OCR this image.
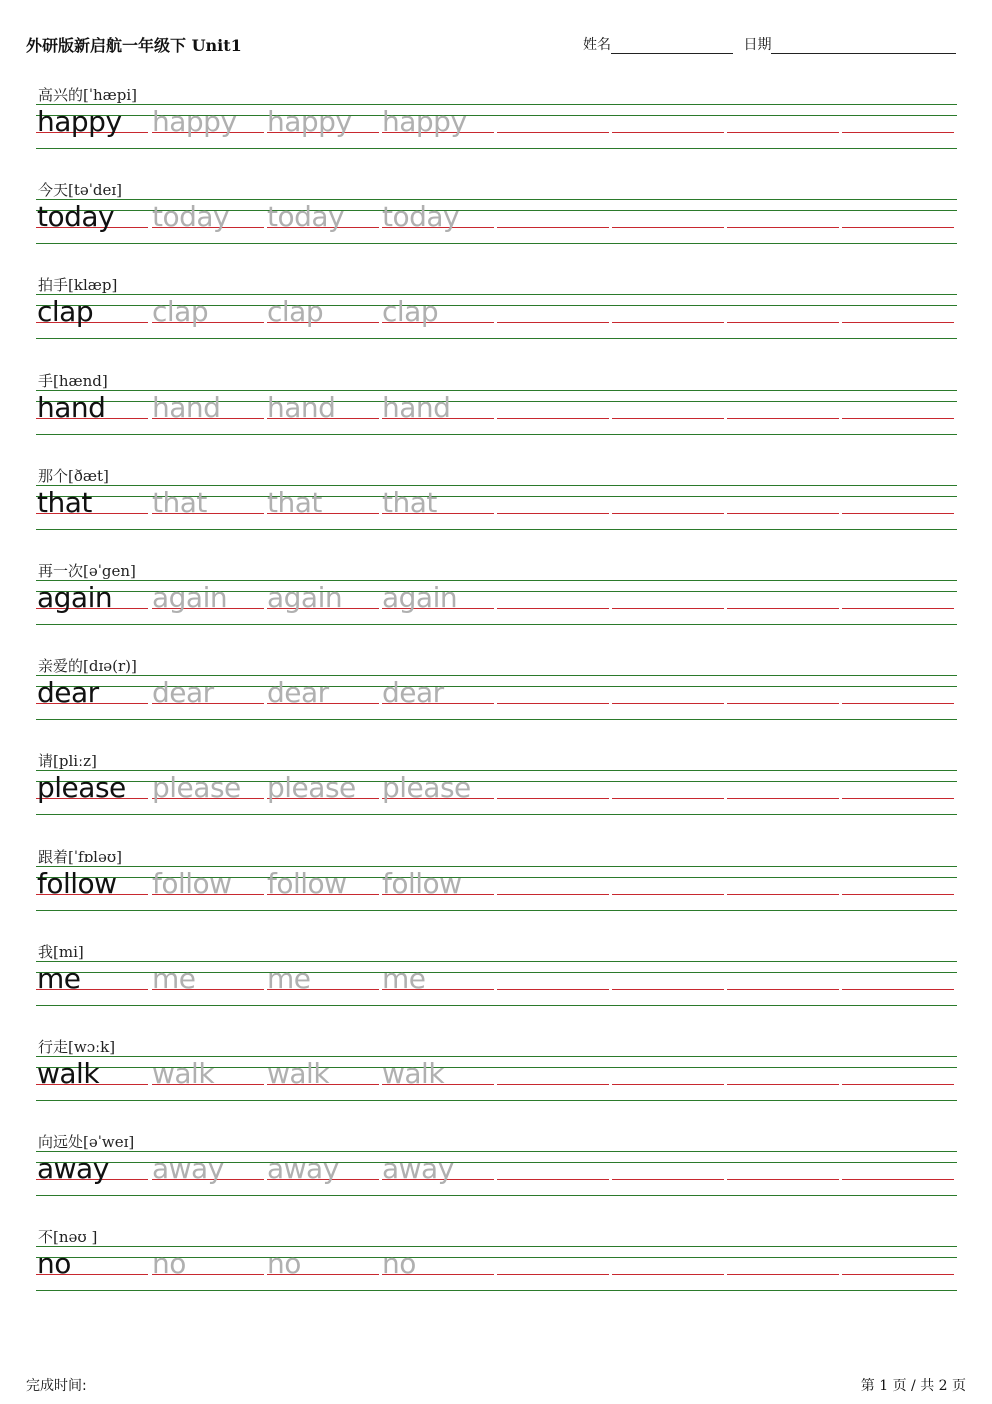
外研版新启航一年级下 Unit1	姓名	日期
高兴的[ˈhæpi]
happy happy happy happy
今天[təˈdeɪ]
today today today today
拍手[klæp]
clap clap clap clap
手[hænd]
hand hand hand hand
那个[ðæt]
that that that that
再一次[əˈgen]
again again again again
亲爱的[dɪə(r)]
dear dear dear dear
请[pliːz]
please please please please
跟着[ˈfɒləʊ]
follow follow follow follow
我[mi]
me	me	me	me
行走[wɔːk]
walk walk walk walk
向远处[əˈweɪ]
away away away away
不[nəʊ ]
no	no	no	no
完成时间:	第 1 页 / 共 2 页
